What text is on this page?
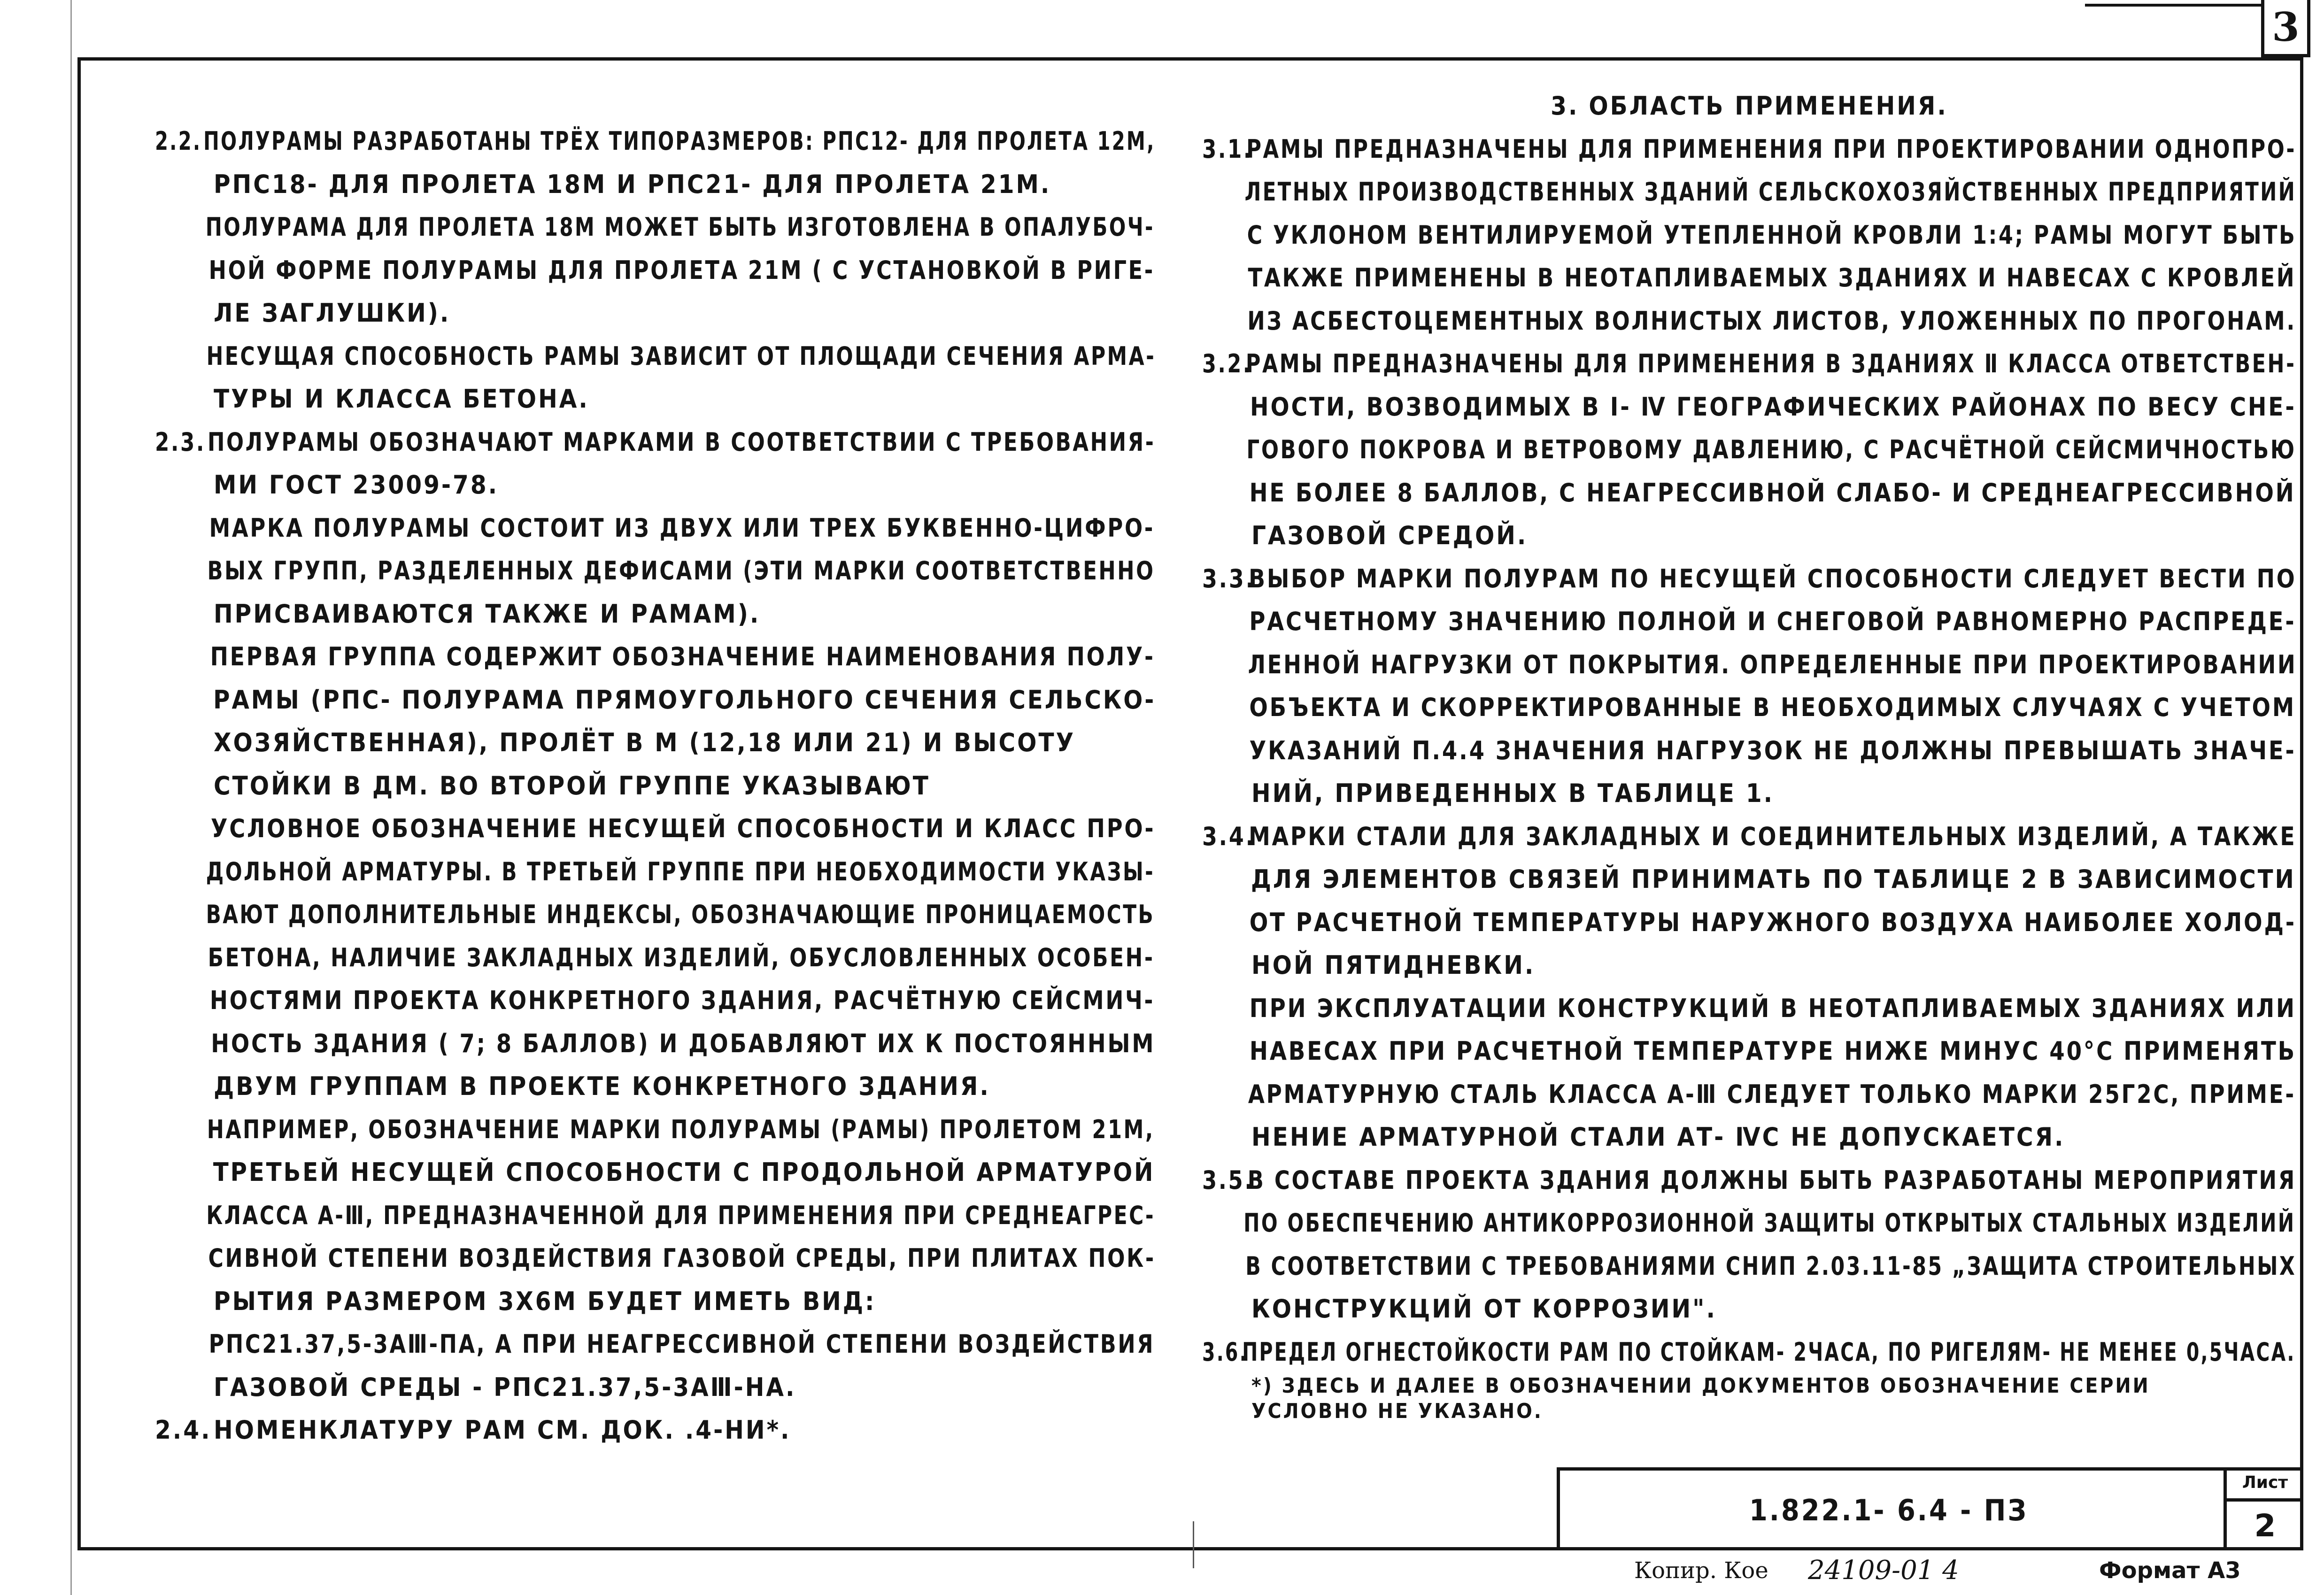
3
2.2.ПОЛУРАМЫ РАЗРАБОТАНЫ ТРЁХ ТИПОРАЗМЕРОВ: РПС12- ДЛЯ ПРОЛЕТА 12М,
РПС18- ДЛЯ ПРОЛЕТА 18М И РПС21- ДЛЯ ПРОЛЕТА 21М.
ПОЛУРАМА ДЛЯ ПРОЛЕТА 18М МОЖЕТ БЫТЬ ИЗГОТОВЛЕНА В ОПАЛУБОЧ-
НОЙ ФОРМЕ ПОЛУРАМЫ ДЛЯ ПРОЛЕТА 21М ( С УСТАНОВКОЙ В РИГЕ-
ЛЕ ЗАГЛУШКИ).
НЕСУЩАЯ СПОСОБНОСТЬ РАМЫ ЗАВИСИТ ОТ ПЛОЩАДИ СЕЧЕНИЯ АРМА-
ТУРЫ И КЛАССА БЕТОНА.
2.3.ПОЛУРАМЫ ОБОЗНАЧАЮТ МАРКАМИ В СООТВЕТСТВИИ С ТРЕБОВАНИЯ-
МИ ГОСТ 23009-78.
МАРКА ПОЛУРАМЫ СОСТОИТ ИЗ ДВУХ ИЛИ ТРЕХ БУКВЕННО-ЦИФРО-
ВЫХ ГРУПП, РАЗДЕЛЕННЫХ ДЕФИСАМИ (ЭТИ МАРКИ СООТВЕТСТВЕННО
ПРИСВАИВАЮТСЯ ТАКЖЕ И РАМАМ).
ПЕРВАЯ ГРУППА СОДЕРЖИТ ОБОЗНАЧЕНИЕ НАИМЕНОВАНИЯ ПОЛУ-
РАМЫ (РПС- ПОЛУРАМА ПРЯМОУГОЛЬНОГО СЕЧЕНИЯ СЕЛЬСКО-
ХОЗЯЙСТВЕННАЯ), ПРОЛЁТ В М (12,18 ИЛИ 21) И ВЫСОТУ
СТОЙКИ В ДМ. ВО ВТОРОЙ ГРУППЕ УКАЗЫВАЮТ
УСЛОВНОЕ ОБОЗНАЧЕНИЕ НЕСУЩЕЙ СПОСОБНОСТИ И КЛАСС ПРО-
ДОЛЬНОЙ АРМАТУРЫ. В ТРЕТЬЕЙ ГРУППЕ ПРИ НЕОБХОДИМОСТИ УКАЗЫ-
ВАЮТ ДОПОЛНИТЕЛЬНЫЕ ИНДЕКСЫ, ОБОЗНАЧАЮЩИЕ ПРОНИЦАЕМОСТЬ
БЕТОНА, НАЛИЧИЕ ЗАКЛАДНЫХ ИЗДЕЛИЙ, ОБУСЛОВЛЕННЫХ ОСОБЕН-
НОСТЯМИ ПРОЕКТА КОНКРЕТНОГО ЗДАНИЯ, РАСЧЁТНУЮ СЕЙСМИЧ-
НОСТЬ ЗДАНИЯ ( 7; 8 БАЛЛОВ) И ДОБАВЛЯЮТ ИХ К ПОСТОЯННЫМ
ДВУМ ГРУППАМ В ПРОЕКТЕ КОНКРЕТНОГО ЗДАНИЯ.
НАПРИМЕР, ОБОЗНАЧЕНИЕ МАРКИ ПОЛУРАМЫ (РАМЫ) ПРОЛЕТОМ 21М,
ТРЕТЬЕЙ НЕСУЩЕЙ СПОСОБНОСТИ С ПРОДОЛЬНОЙ АРМАТУРОЙ
КЛАССА А-Ⅲ, ПРЕДНАЗНАЧЕННОЙ ДЛЯ ПРИМЕНЕНИЯ ПРИ СРЕДНЕАГРЕС-
СИВНОЙ СТЕПЕНИ ВОЗДЕЙСТВИЯ ГАЗОВОЙ СРЕДЫ, ПРИ ПЛИТАХ ПОК-
РЫТИЯ РАЗМЕРОМ 3Х6М БУДЕТ ИМЕТЬ ВИД:
РПС21.37,5-3АⅢ-ПА, А ПРИ НЕАГРЕССИВНОЙ СТЕПЕНИ ВОЗДЕЙСТВИЯ
ГАЗОВОЙ СРЕДЫ - РПС21.37,5-3АⅢ-НА.
2.4.НОМЕНКЛАТУРУ РАМ СМ. ДОК. .4-НИ*.
3. ОБЛАСТЬ ПРИМЕНЕНИЯ.
3.1.РАМЫ ПРЕДНАЗНАЧЕНЫ ДЛЯ ПРИМЕНЕНИЯ ПРИ ПРОЕКТИРОВАНИИ ОДНОПРО-
ЛЕТНЫХ ПРОИЗВОДСТВЕННЫХ ЗДАНИЙ СЕЛЬСКОХОЗЯЙСТВЕННЫХ ПРЕДПРИЯТИЙ
С УКЛОНОМ ВЕНТИЛИРУЕМОЙ УТЕПЛЕННОЙ КРОВЛИ 1:4; РАМЫ МОГУТ БЫТЬ
ТАКЖЕ ПРИМЕНЕНЫ В НЕОТАПЛИВАЕМЫХ ЗДАНИЯХ И НАВЕСАХ С КРОВЛЕЙ
ИЗ АСБЕСТОЦЕМЕНТНЫХ ВОЛНИСТЫХ ЛИСТОВ, УЛОЖЕННЫХ ПО ПРОГОНАМ.
3.2.РАМЫ ПРЕДНАЗНАЧЕНЫ ДЛЯ ПРИМЕНЕНИЯ В ЗДАНИЯХ Ⅱ КЛАССА ОТВЕТСТВЕН-
НОСТИ, ВОЗВОДИМЫХ В Ⅰ- Ⅳ ГЕОГРАФИЧЕСКИХ РАЙОНАХ ПО ВЕСУ СНЕ-
ГОВОГО ПОКРОВА И ВЕТРОВОМУ ДАВЛЕНИЮ, С РАСЧЁТНОЙ СЕЙСМИЧНОСТЬЮ
НЕ БОЛЕЕ 8 БАЛЛОВ, С НЕАГРЕССИВНОЙ СЛАБО- И СРЕДНЕАГРЕССИВНОЙ
ГАЗОВОЙ СРЕДОЙ.
3.3.ВЫБОР МАРКИ ПОЛУРАМ ПО НЕСУЩЕЙ СПОСОБНОСТИ СЛЕДУЕТ ВЕСТИ ПО
РАСЧЕТНОМУ ЗНАЧЕНИЮ ПОЛНОЙ И СНЕГОВОЙ РАВНОМЕРНО РАСПРЕДЕ-
ЛЕННОЙ НАГРУЗКИ ОТ ПОКРЫТИЯ. ОПРЕДЕЛЕННЫЕ ПРИ ПРОЕКТИРОВАНИИ
ОБЪЕКТА И СКОРРЕКТИРОВАННЫЕ В НЕОБХОДИМЫХ СЛУЧАЯХ С УЧЕТОМ
УКАЗАНИЙ П.4.4 ЗНАЧЕНИЯ НАГРУЗОК НЕ ДОЛЖНЫ ПРЕВЫШАТЬ ЗНАЧЕ-
НИЙ, ПРИВЕДЕННЫХ В ТАБЛИЦЕ 1.
3.4.МАРКИ СТАЛИ ДЛЯ ЗАКЛАДНЫХ И СОЕДИНИТЕЛЬНЫХ ИЗДЕЛИЙ, А ТАКЖЕ
ДЛЯ ЭЛЕМЕНТОВ СВЯЗЕЙ ПРИНИМАТЬ ПО ТАБЛИЦЕ 2 В ЗАВИСИМОСТИ
ОТ РАСЧЕТНОЙ ТЕМПЕРАТУРЫ НАРУЖНОГО ВОЗДУХА НАИБОЛЕЕ ХОЛОД-
НОЙ ПЯТИДНЕВКИ.
ПРИ ЭКСПЛУАТАЦИИ КОНСТРУКЦИЙ В НЕОТАПЛИВАЕМЫХ ЗДАНИЯХ ИЛИ
НАВЕСАХ ПРИ РАСЧЕТНОЙ ТЕМПЕРАТУРЕ НИЖЕ МИНУС 40°С ПРИМЕНЯТЬ
АРМАТУРНУЮ СТАЛЬ КЛАССА А-Ⅲ СЛЕДУЕТ ТОЛЬКО МАРКИ 25Г2С, ПРИМЕ-
НЕНИЕ АРМАТУРНОЙ СТАЛИ АТ- ⅣС НЕ ДОПУСКАЕТСЯ.
3.5.В СОСТАВЕ ПРОЕКТА ЗДАНИЯ ДОЛЖНЫ БЫТЬ РАЗРАБОТАНЫ МЕРОПРИЯТИЯ
ПО ОБЕСПЕЧЕНИЮ АНТИКОРРОЗИОННОЙ ЗАЩИТЫ ОТКРЫТЫХ СТАЛЬНЫХ ИЗДЕЛИЙ
В СООТВЕТСТВИИ С ТРЕБОВАНИЯМИ СНИП 2.03.11-85 „ЗАЩИТА СТРОИТЕЛЬНЫХ
КОНСТРУКЦИЙ ОТ КОРРОЗИИ".
3.6.ПРЕДЕЛ ОГНЕСТОЙКОСТИ РАМ ПО СТОЙКАМ- 2ЧАСА, ПО РИГЕЛЯМ- НЕ МЕНЕЕ 0,5ЧАСА.
*) ЗДЕСЬ И ДАЛЕЕ В ОБОЗНАЧЕНИИ ДОКУМЕНТОВ ОБОЗНАЧЕНИЕ СЕРИИ
УСЛОВНО НЕ УКАЗАНО.
1.822.1- 6.4 - ПЗ
Лист
2
Копир. Кое 24109-01 4	Формат А3
